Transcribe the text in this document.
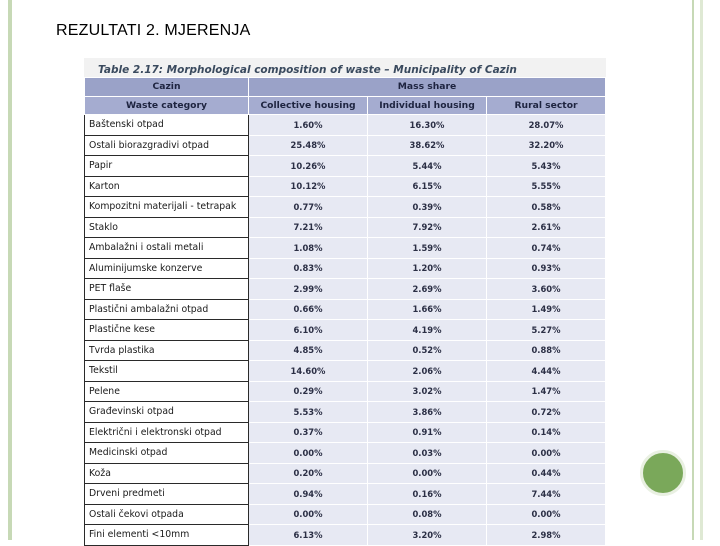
REZULTATI 2. MJERENJA
Table 2.17: Morphological composition of waste – Municipality of Cazin
Cazin	Mass share		
Waste category	Collective housing	Individual housing	Rural sector
Baštenski otpad	1.60%	16.30%	28.07%
Ostali biorazgradivi otpad	25.48%	38.62%	32.20%
Papir	10.26%	5.44%	5.43%
Karton	10.12%	6.15%	5.55%
Kompozitni materijali - tetrapak	0.77%	0.39%	0.58%
Staklo	7.21%	7.92%	2.61%
Ambalažni i ostali metali	1.08%	1.59%	0.74%
Aluminijumske konzerve	0.83%	1.20%	0.93%
PET flaše	2.99%	2.69%	3.60%
Plastični ambalažni otpad	0.66%	1.66%	1.49%
Plastične kese	6.10%	4.19%	5.27%
Tvrda plastika	4.85%	0.52%	0.88%
Tekstil	14.60%	2.06%	4.44%
Pelene	0.29%	3.02%	1.47%
Građevinski otpad	5.53%	3.86%	0.72%
Električni i elektronski otpad	0.37%	0.91%	0.14%
Medicinski otpad	0.00%	0.03%	0.00%
Koža	0.20%	0.00%	0.44%
Drveni predmeti	0.94%	0.16%	7.44%
Ostali čekovi otpada	0.00%	0.08%	0.00%
Fini elementi <10mm	6.13%	3.20%	2.98%
